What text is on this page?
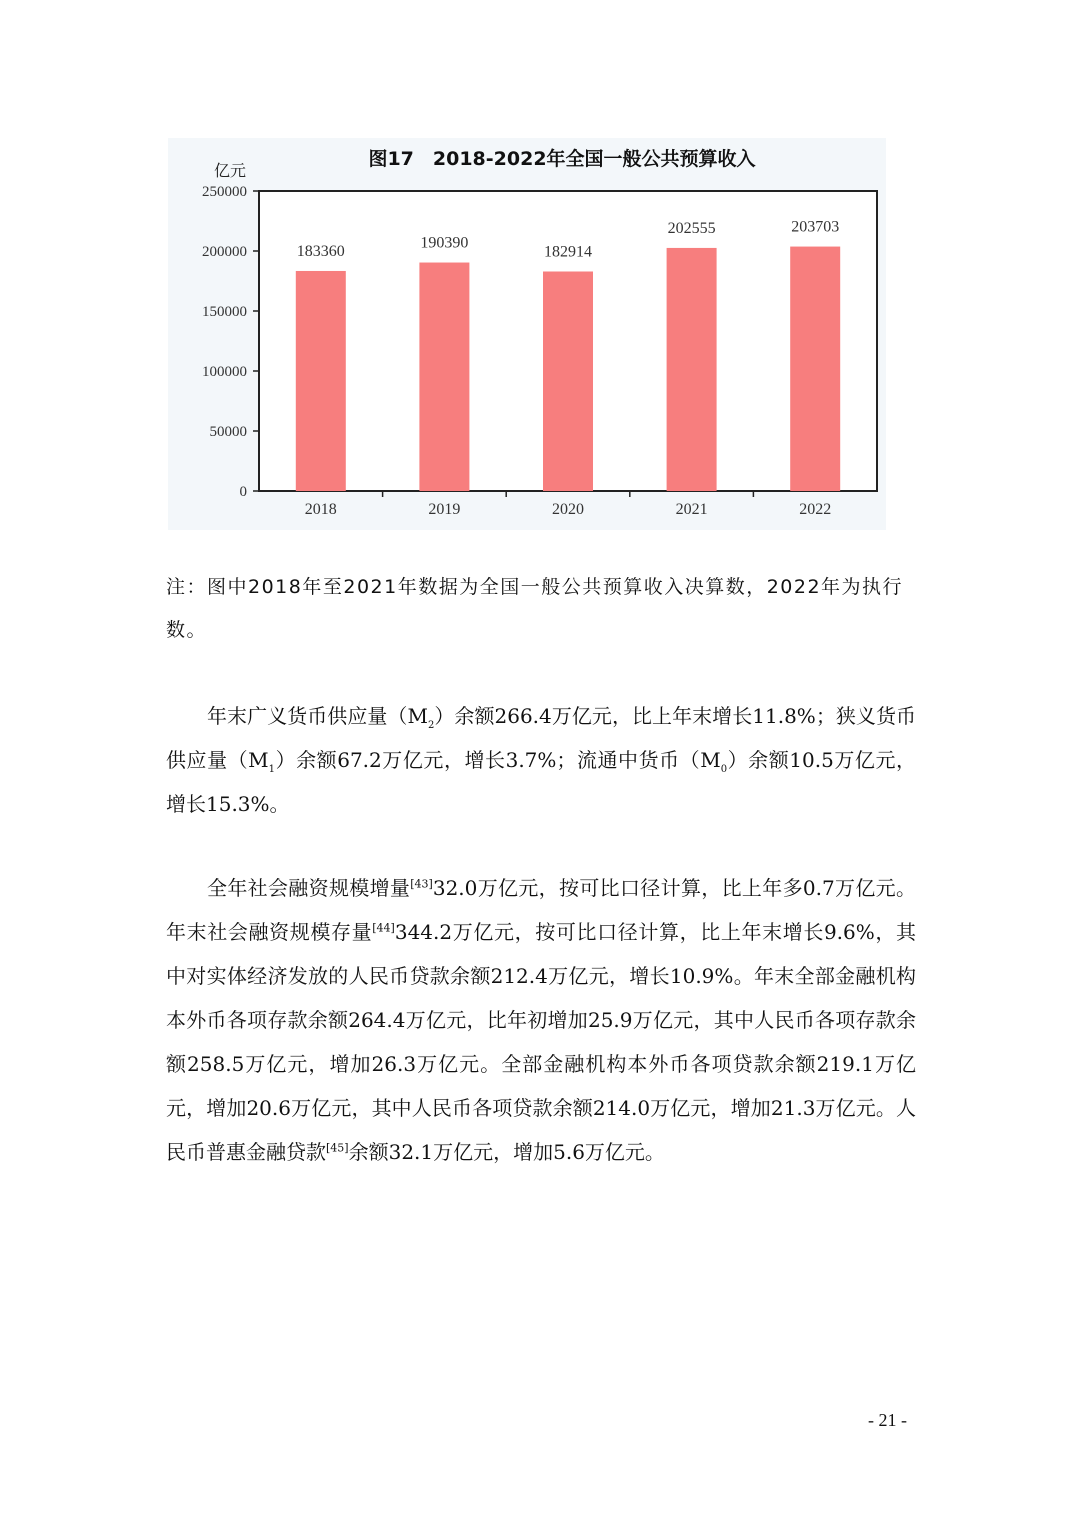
图17　2018-2022年全国一般公共预算收入
亿元
250000
200000
150000
100000
50000
0
183360
2018
190390
2019
182914
2020
202555
2021
203703
2022
注：图中2018年至2021年数据为全国一般公共预算收入决算数，2022年为执行数。
年末广义货币供应量$(M_2)$余额266.4万亿元，比上年末增长11.8%；狭义货币供应量$(M_1)$余额67.2万亿元，增长3.7%；流通中货币$(M_0)$余额10.5万亿元，增长15.3%。
全年社会融资规模增量[43]32.0万亿元，按可比口径计算，比上年多0.7万亿元。年末社会融资规模存量[44]344.2万亿元，按可比口径计算，比上年末增长9.6%，其中对实体经济发放的人民币贷款余额212.4万亿元，增长10.9%。年末全部金融机构本外币各项存款余额264.4万亿元，比年初增加25.9万亿元，其中人民币各项存款余额258.5万亿元，增加26.3万亿元。全部金融机构本外币各项贷款余额219.1万亿元，增加20.6万亿元，其中人民币各项贷款余额214.0万亿元，增加21.3万亿元。人民币普惠金融贷款[45]余额32.1万亿元，增加5.6万亿元。
- 21 -
